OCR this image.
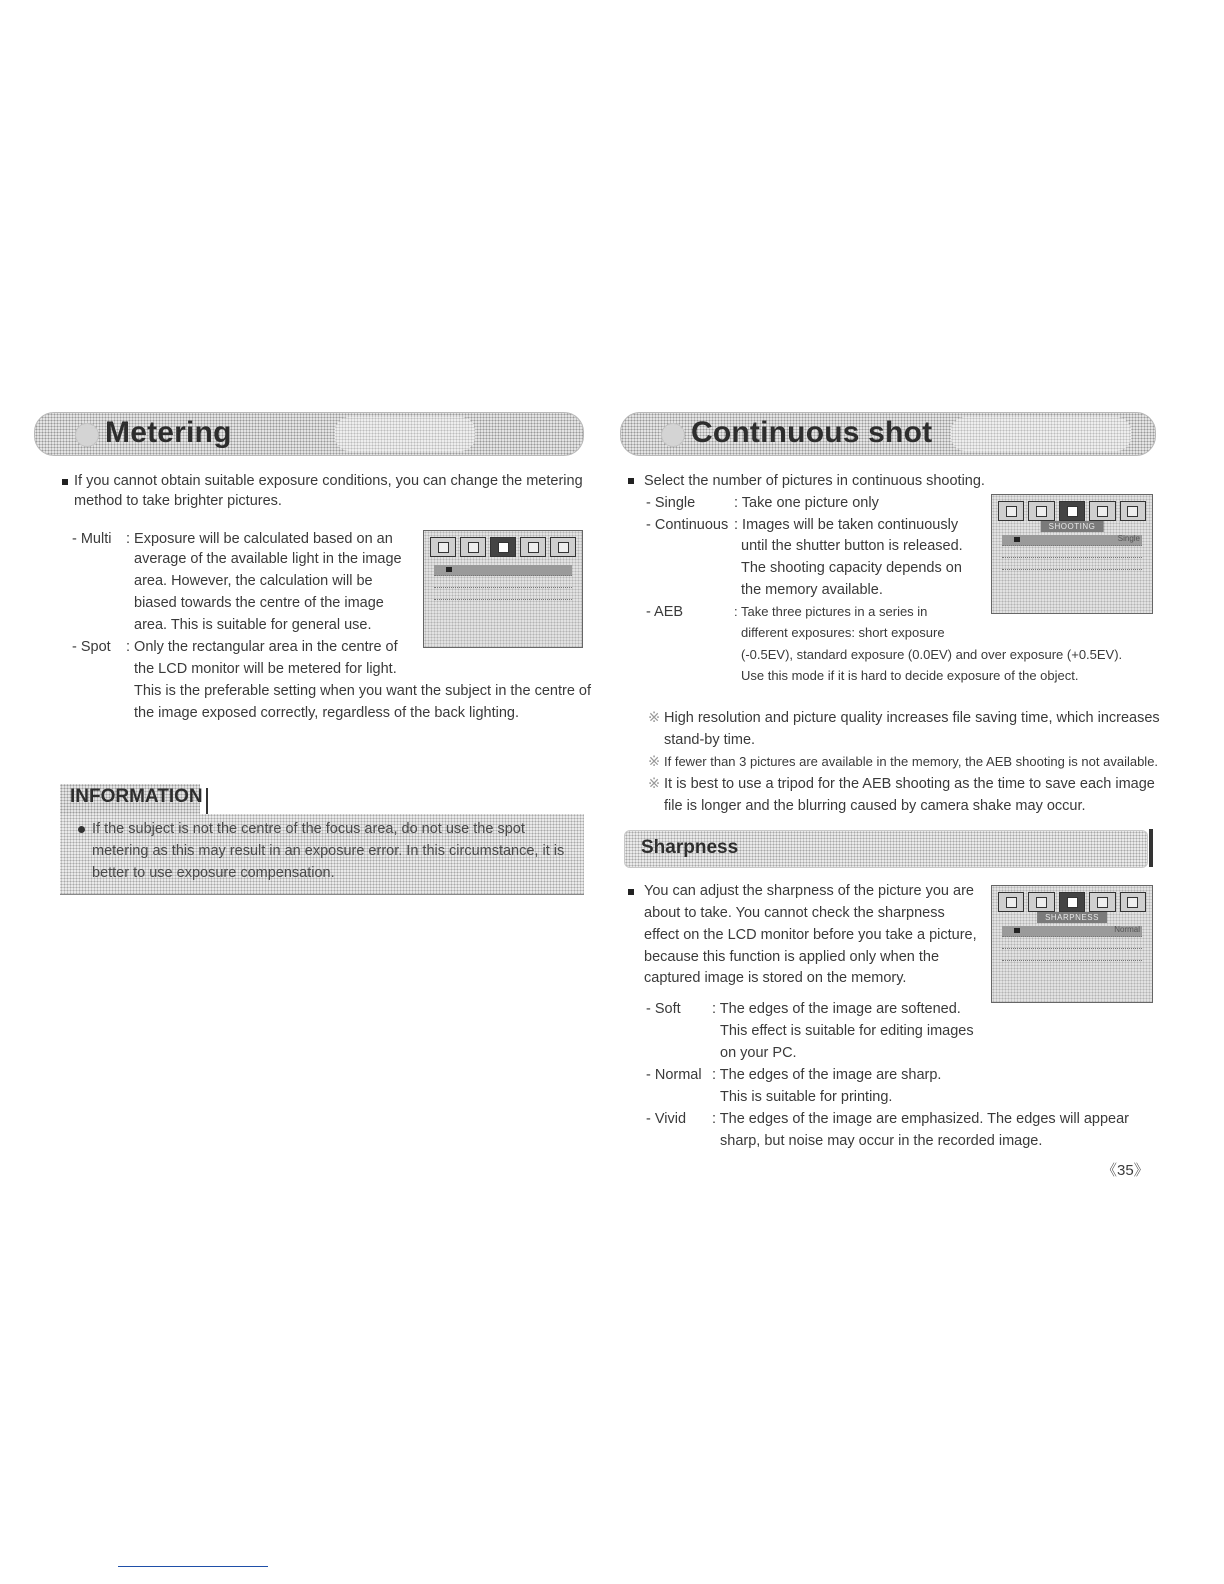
Metering
If you cannot obtain suitable exposure conditions, you can change the metering
method to take brighter pictures.
- Multi : Exposure will be calculated based on an
average of the available light in the image
area. However, the calculation will be
biased towards the centre of the image
area. This is suitable for general use.
- Spot : Only the rectangular area in the centre of
the LCD monitor will be metered for light.
This is the preferable setting when you want the subject in the centre of
the image exposed correctly, regardless of the back lighting.
INFORMATION
If the subject is not the centre of the focus area, do not use the spot
metering as this may result in an exposure error. In this circumstance, it is
better to use exposure compensation.
Continuous shot
Select the number of pictures in continuous shooting.
- Single	: Take one picture only
- Continuous : Images will be taken continuously
until the shutter button is released.
The shooting capacity depends on
the memory available.
- AEB	: Take three pictures in a series in
different exposures: short exposure
(-0.5EV), standard exposure (0.0EV) and over exposure (+0.5EV).
Use this mode if it is hard to decide exposure of the object.
SHOOTING
Single
※ High resolution and picture quality increases file saving time, which increases
stand-by time.
※ If fewer than 3 pictures are available in the memory, the AEB shooting is not available.
※ It is best to use a tripod for the AEB shooting as the time to save each image
file is longer and the blurring caused by camera shake may occur.
Sharpness
You can adjust the sharpness of the picture you are
about to take. You cannot check the sharpness
effect on the LCD monitor before you take a picture,
because this function is applied only when the
captured image is stored on the memory.
SHARPNESS
Normal
- Soft : The edges of the image are softened.
This effect is suitable for editing images
on your PC.
- Normal : The edges of the image are sharp.
This is suitable for printing.
- Vivid : The edges of the image are emphasized. The edges will appear
sharp, but noise may occur in the recorded image.
《35》
